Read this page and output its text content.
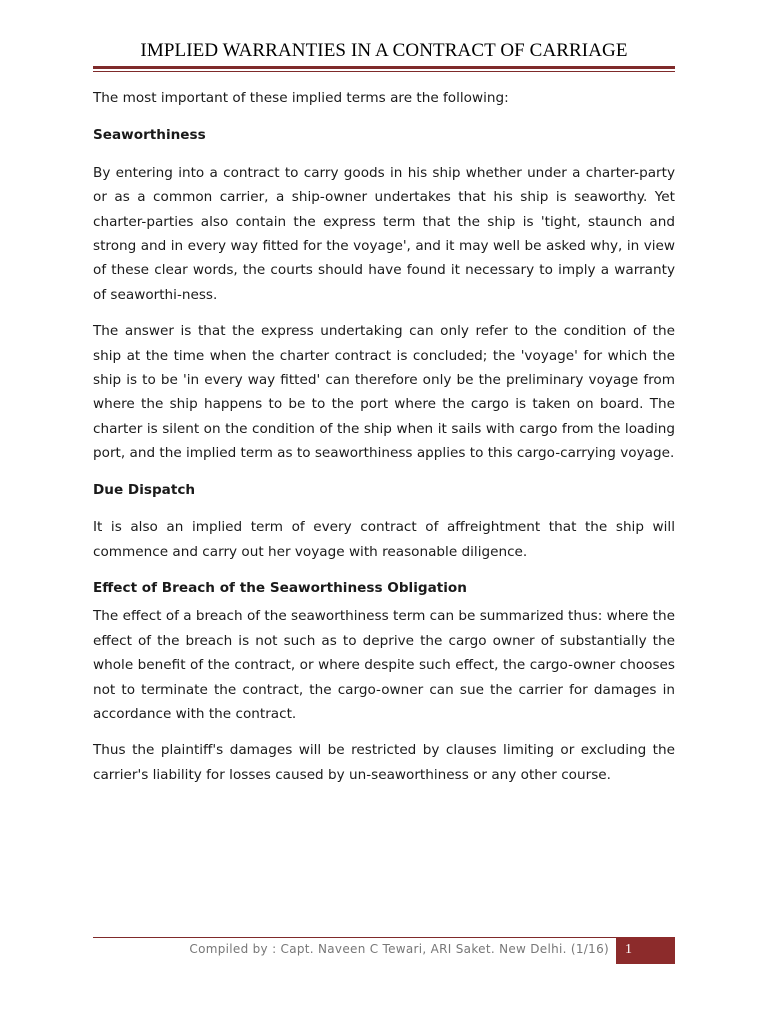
IMPLIED WARRANTIES IN A CONTRACT OF CARRIAGE

The most important of these implied terms are the following:

Seaworthiness

By entering into a contract to carry goods in his ship whether under a charter-party or as a common carrier, a ship-owner undertakes that his ship is seaworthy. Yet charter-parties also contain the express term that the ship is 'tight, staunch and strong and in every way fitted for the voyage', and it may well be asked why, in view of these clear words, the courts should have found it necessary to imply a warranty of seaworthi-ness.

The answer is that the express undertaking can only refer to the condition of the ship at the time when the charter contract is concluded; the 'voyage' for which the ship is to be 'in every way fitted' can therefore only be the preliminary voyage from where the ship happens to be to the port where the cargo is taken on board. The charter is silent on the condition of the ship when it sails with cargo from the loading port, and the implied term as to seaworthiness applies to this cargo-carrying voyage.

Due Dispatch

It is also an implied term of every contract of affreightment that the ship will commence and carry out her voyage with reasonable diligence.

Effect of Breach of the Seaworthiness Obligation

The effect of a breach of the seaworthiness term can be summarized thus: where the effect of the breach is not such as to deprive the cargo owner of substantially the whole benefit of the contract, or where despite such effect, the cargo-owner chooses not to terminate the contract, the cargo-owner can sue the carrier for damages in accordance with the contract.

Thus the plaintiff's damages will be restricted by clauses limiting or excluding the carrier's liability for losses caused by un-seaworthiness or any other course.

Compiled by : Capt. Naveen C Tewari, ARI Saket. New Delhi. (1/16) 1
